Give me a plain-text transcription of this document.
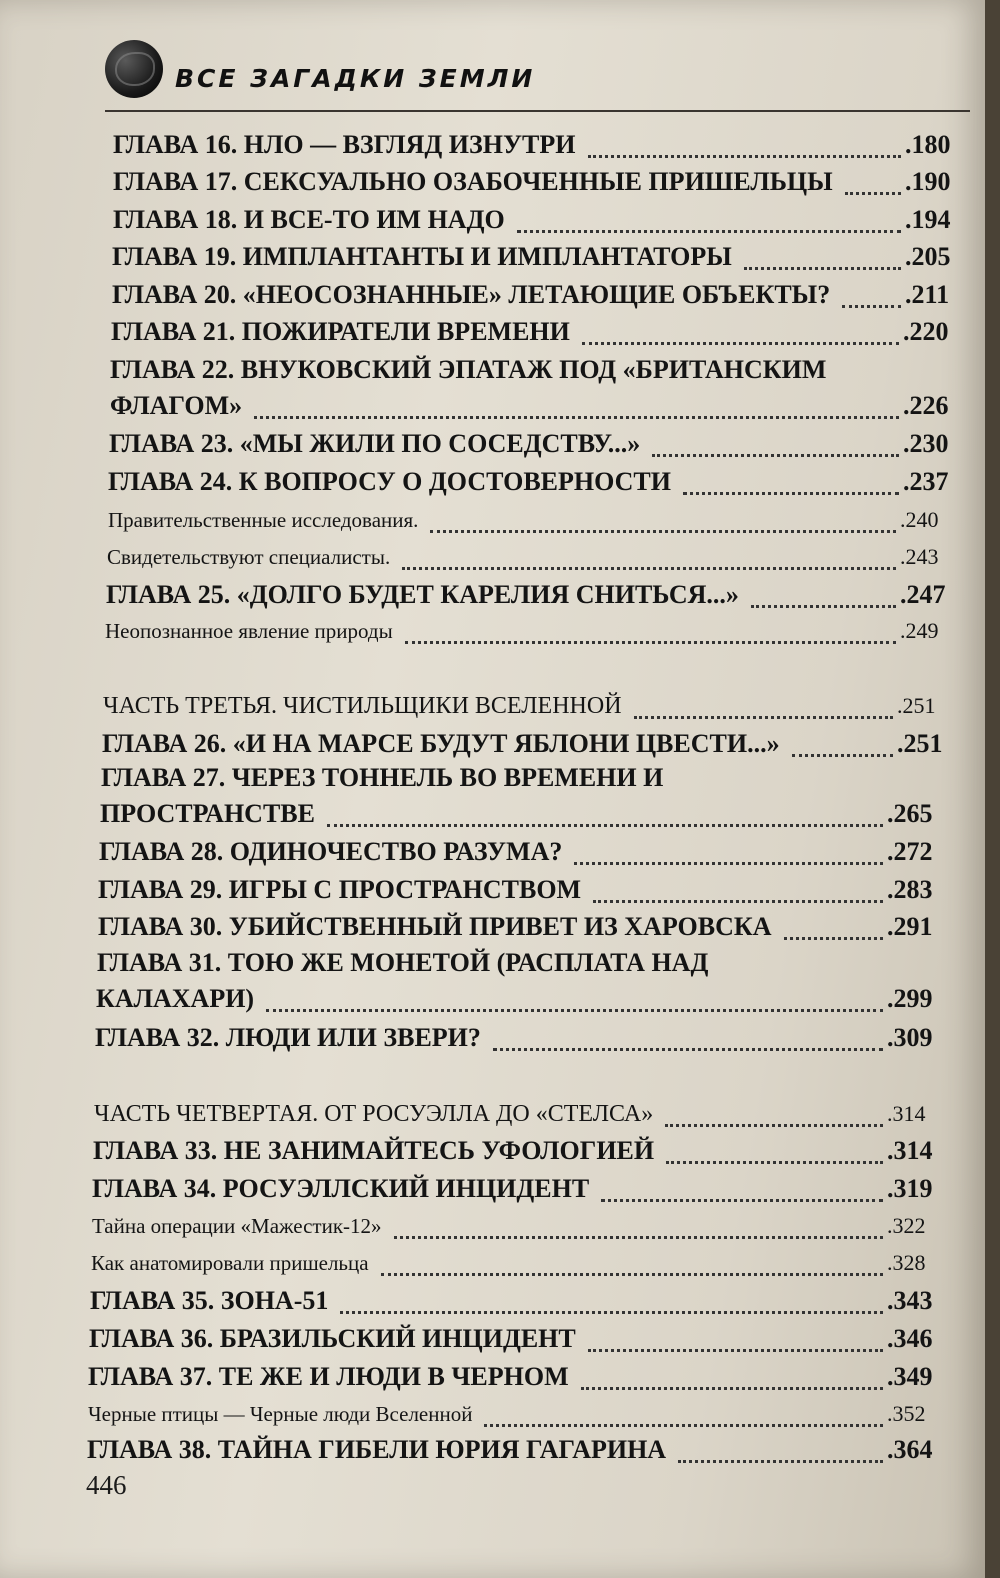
ВСЕ ЗАГАДКИ ЗЕМЛИ
ГЛАВА 16. НЛО — ВЗГЛЯД ИЗНУТРИ	.180
ГЛАВА 17. СЕКСУАЛЬНО ОЗАБОЧЕННЫЕ ПРИШЕЛЬЦЫ	.190
ГЛАВА 18. И ВСЕ-ТО ИМ НАДО	.194
ГЛАВА 19. ИМПЛАНТАНТЫ И ИМПЛАНТАТОРЫ	.205
ГЛАВА 20. «НЕОСОЗНАННЫЕ» ЛЕТАЮЩИЕ ОБЪЕКТЫ?	.211
ГЛАВА 21. ПОЖИРАТЕЛИ ВРЕМЕНИ	.220
ГЛАВА 22. ВНУКОВСКИЙ ЭПАТАЖ ПОД «БРИТАНСКИМ
ФЛАГОМ»	.226
ГЛАВА 23. «МЫ ЖИЛИ ПО СОСЕДСТВУ...»	.230
ГЛАВА 24. К ВОПРОСУ О ДОСТОВЕРНОСТИ	.237
Правительственные исследования.	.240
Свидетельствуют специалисты.	.243
ГЛАВА 25. «ДОЛГО БУДЕТ КАРЕЛИЯ СНИТЬСЯ...»	.247
Неопознанное явление природы	.249
ЧАСТЬ ТРЕТЬЯ. ЧИСТИЛЬЩИКИ ВСЕЛЕННОЙ	.251
ГЛАВА 26. «И НА МАРСЕ БУДУТ ЯБЛОНИ ЦВЕСТИ...»	.251
ГЛАВА 27. ЧЕРЕЗ ТОННЕЛЬ ВО ВРЕМЕНИ И
ПРОСТРАНСТВЕ	.265
ГЛАВА 28. ОДИНОЧЕСТВО РАЗУМА?	.272
ГЛАВА 29. ИГРЫ С ПРОСТРАНСТВОМ	.283
ГЛАВА 30. УБИЙСТВЕННЫЙ ПРИВЕТ ИЗ ХАРОВСКА	.291
ГЛАВА 31. ТОЮ ЖЕ МОНЕТОЙ (РАСПЛАТА НАД
КАЛАХАРИ)	.299
ГЛАВА 32. ЛЮДИ ИЛИ ЗВЕРИ?	.309
ЧАСТЬ ЧЕТВЕРТАЯ. ОТ РОСУЭЛЛА ДО «СТЕЛСА»	.314
ГЛАВА 33. НЕ ЗАНИМАЙТЕСЬ УФОЛОГИЕЙ	.314
ГЛАВА 34. РОСУЭЛЛСКИЙ ИНЦИДЕНТ	.319
Тайна операции «Мажестик-12»	.322
Как анатомировали пришельца	.328
ГЛАВА 35. ЗОНА-51	.343
ГЛАВА 36. БРАЗИЛЬСКИЙ ИНЦИДЕНТ	.346
ГЛАВА 37. ТЕ ЖЕ И ЛЮДИ В ЧЕРНОМ	.349
Черные птицы — Черные люди Вселенной	.352
ГЛАВА 38. ТАЙНА ГИБЕЛИ ЮРИЯ ГАГАРИНА	.364
446
